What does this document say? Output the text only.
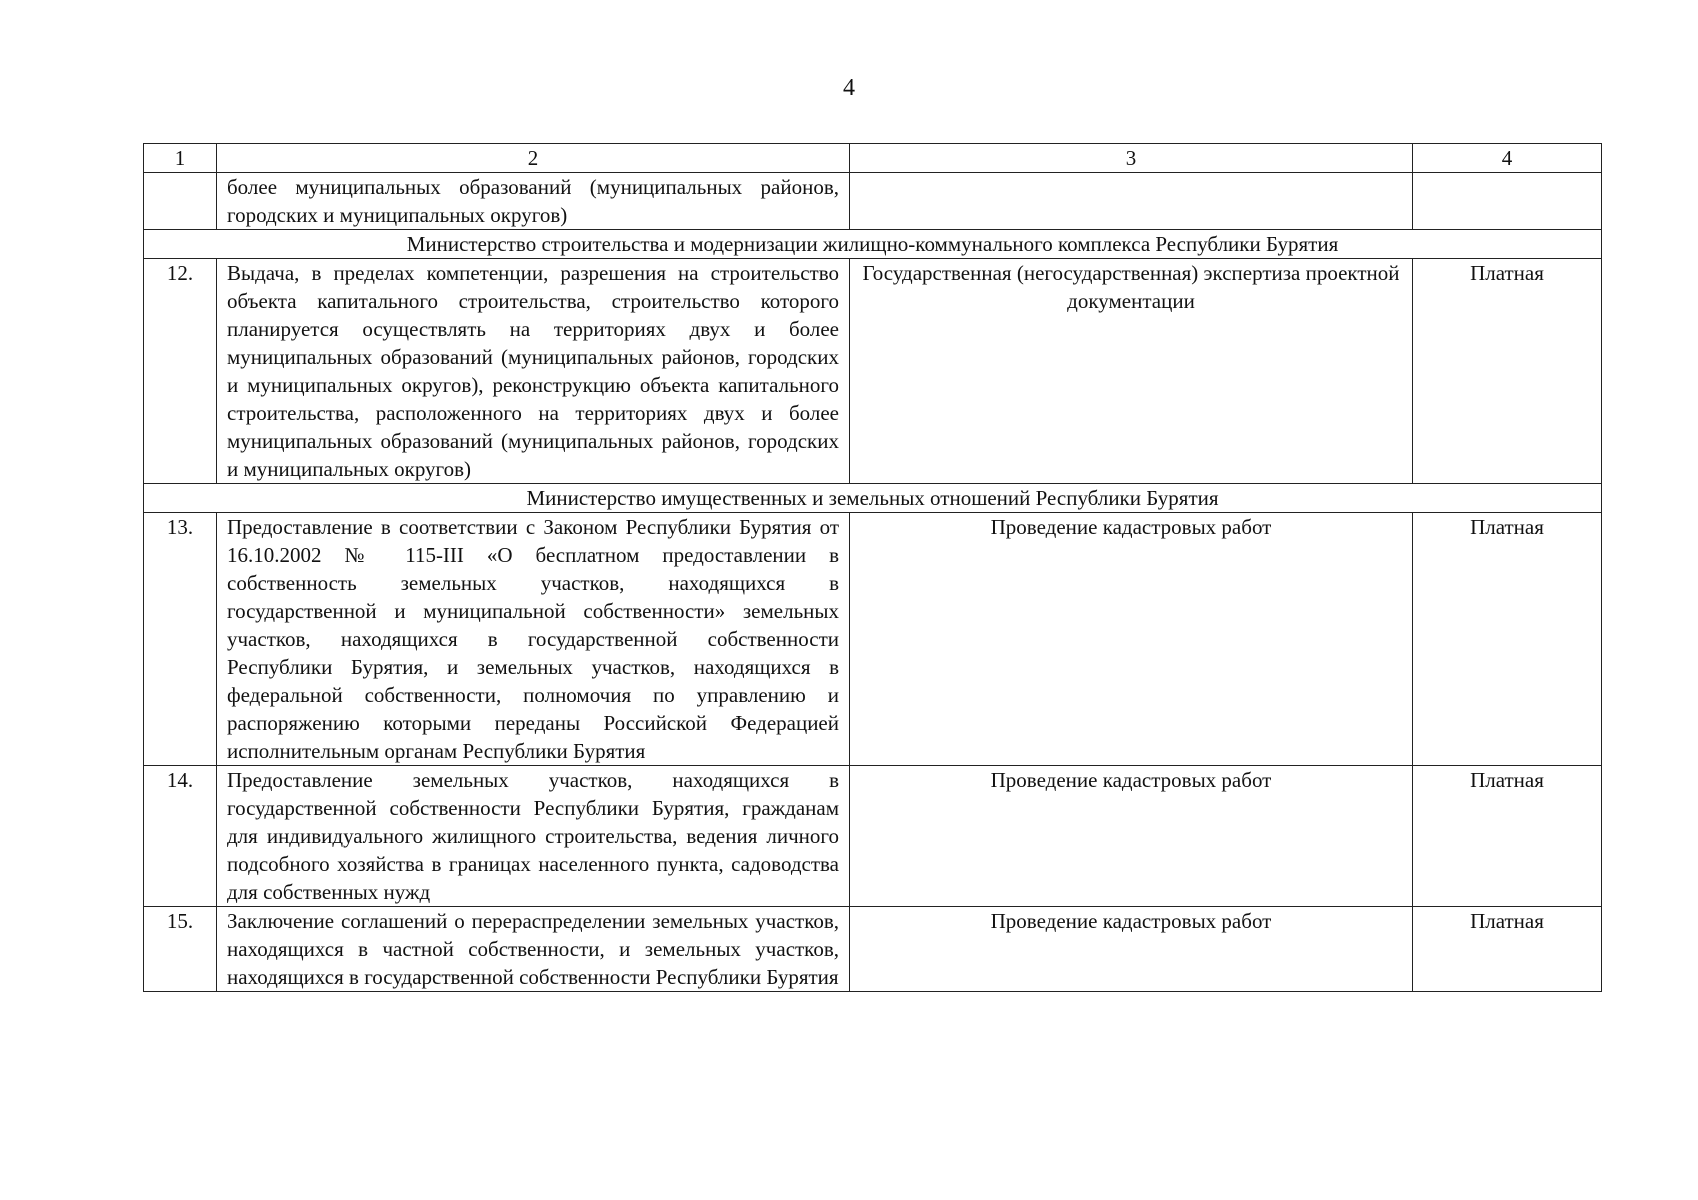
4
1	2	3	4
	более муниципальных образований (муниципальных районов, городских и муниципальных округов)		
Министерство строительства и модернизации жилищно-коммунального комплекса Республики Бурятия			
12.	Выдача, в пределах компетенции, разрешения на строительство объекта капитального строительства, строительство которого планируется осуществлять на территориях двух и более муниципальных образований (муниципальных районов, городских и муниципальных округов), реконструкцию объекта капитального строительства, расположенного на территориях двух и более муниципальных образований (муниципальных районов, городских и муниципальных округов)	Государственная (негосударственная) экспертиза проектной документации	Платная
Министерство имущественных и земельных отношений Республики Бурятия			
13.	Предоставление в соответствии с Законом Республики Бурятия от 16.10.2002 № 115-III «О бесплатном предоставлении в собственность земельных участков, находящихся в государственной и муниципальной собственности» земельных участков, находящихся в государственной собственности Республики Бурятия, и земельных участков, находящихся в федеральной собственности, полномочия по управлению и распоряжению которыми переданы Российской Федерацией исполнительным органам Республики Бурятия	Проведение кадастровых работ	Платная
14.	Предоставление земельных участков, находящихся в государственной собственности Республики Бурятия, гражданам для индивидуального жилищного строительства, ведения личного подсобного хозяйства в границах населенного пункта, садоводства для собственных нужд	Проведение кадастровых работ	Платная
15.	Заключение соглашений о перераспределении земельных участков, находящихся в частной собственности, и земельных участков, находящихся в государственной собственности Республики Бурятия	Проведение кадастровых работ	Платная
